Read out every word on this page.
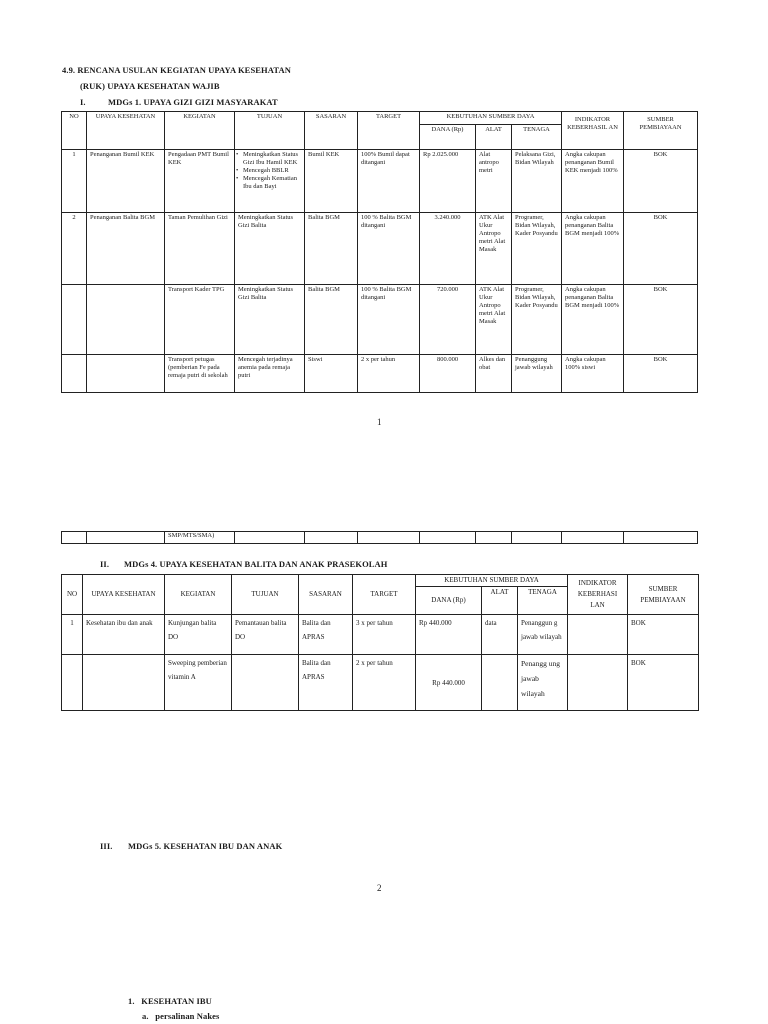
4.9. RENCANA USULAN KEGIATAN UPAYA KESEHATAN
(RUK) UPAYA KESEHATAN WAJIB
I.	MDGs 1. UPAYA GIZI GIZI MASYARAKAT
NO	UPAYA KESEHATAN	KEGIATAN	TUJUAN	SASARAN	TARGET	KEBUTUHAN SUMBER DAYA			INDIKATOR KEBERHASIL AN	SUMBER PEMBIAYAAN
						DANA (Rp)	ALAT	TENAGA		
1	Penanganan Bumil KEK	Pengadaan PMT Bumil KEK	• Meningkatkan Status Gizi Ibu Hamil KEK
• Mencegah BBLR
• Mencegah Kematian Ibu dan Bayi	Bumil KEK	100% Bumil dapat ditangani	Rp 2.025.000	Alat antropo metri	Pelaksana Gizi, Bidan Wilayah	Angka cakupan penanganan Bumil KEK menjadi 100%	BOK
2	Penanganan Balita BGM	Taman Pemulihan Gizi	Meningkatkan Status Gizi Balita	Balita BGM	100 % Balita BGM ditangani	3.240.000	ATK Alat Ukur Antropo metri Alat Masak	Programer, Bidan Wilayah, Kader Posyandu	Angka cakupan penanganan Balita BGM menjadi 100%	BOK
		Transport Kader TPG	Meningkatkan Status Gizi Balita	Balita BGM	100 % Balita BGM ditangani	720.000	ATK Alat Ukur Antropo metri Alat Masak	Programer, Bidan Wilayah, Kader Posyandu	Angka cakupan penanganan Balita BGM menjadi 100%	BOK
		Transport petugas (pemberian Fe pada remaja putri di sekolah	Mencegah terjadinya anemia pada remaja putri	Siswi	2 x per tahun	800.000	Alkes dan obat	Penanggung jawab wilayah	Angka cakupan 100% siswi	BOK
1
		SMP/MTS/SMA)								
II. MDGs 4. UPAYA KESEHATAN BALITA DAN ANAK PRASEKOLAH
NO	UPAYA KESEHATAN	KEGIATAN	TUJUAN	SASARAN	TARGET	KEBUTUHAN SUMBER DAYA			INDIKATOR KEBERHASI LAN	SUMBER PEMBIAYAAN
						DANA (Rp)	ALAT	TENAGA		
1	Kesehatan ibu dan anak	Kunjungan balita DO	Pemantauan balita DO	Balita dan APRAS	3 x per tahun	Rp 440.000	data	Penanggun g jawab wilayah		BOK
		Sweeping pemberian vitamin A		Balita dan APRAS	2 x per tahun	Rp 440.000		Penangg ung jawab wilayah		BOK
III. MDGs 5. KESEHATAN IBU DAN ANAK
2
1.   KESEHATAN IBU
a.   persalinan Nakes
